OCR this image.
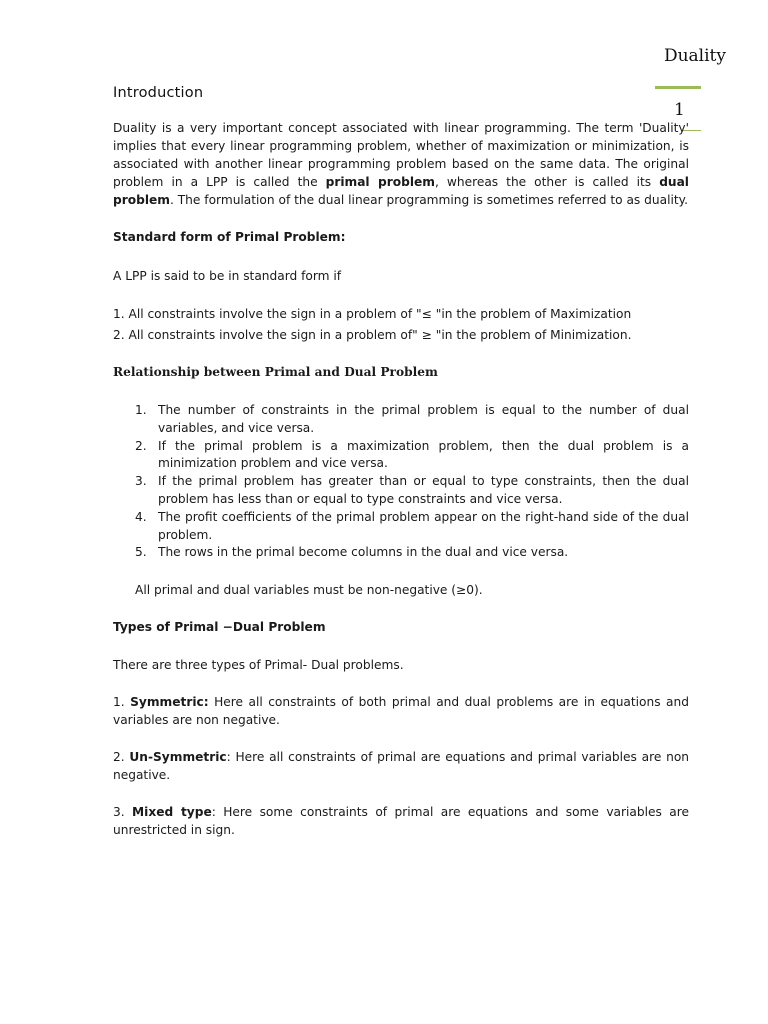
Duality
1
Introduction

Duality is a very important concept associated with linear programming. The term 'Duality' implies that every linear programming problem, whether of maximization or minimization, is associated with another linear programming problem based on the same data. The original problem in a LPP is called the primal problem, whereas the other is called its dual problem. The formulation of the dual linear programming is sometimes referred to as duality.

Standard form of Primal Problem:

A LPP is said to be in standard form if

1. All constraints involve the sign in a problem of "≤ "in the problem of Maximization

2. All constraints involve the sign in a problem of" ≥ "in the problem of Minimization.

Relationship between Primal and Dual Problem
1. The number of constraints in the primal problem is equal to the number of dual variables, and vice versa.
2. If the primal problem is a maximization problem, then the dual problem is a minimization problem and vice versa.
3. If the primal problem has greater than or equal to type constraints, then the dual problem has less than or equal to type constraints and vice versa.
4. The profit coefficients of the primal problem appear on the right-hand side of the dual problem.
5. The rows in the primal become columns in the dual and vice versa.

All primal and dual variables must be non-negative (≥0).

Types of Primal −Dual Problem

There are three types of Primal- Dual problems.

1. Symmetric: Here all constraints of both primal and dual problems are in equations and variables are non negative.

2. Un-Symmetric: Here all constraints of primal are equations and primal variables are non negative.

3. Mixed type: Here some constraints of primal are equations and some variables are unrestricted in sign.
